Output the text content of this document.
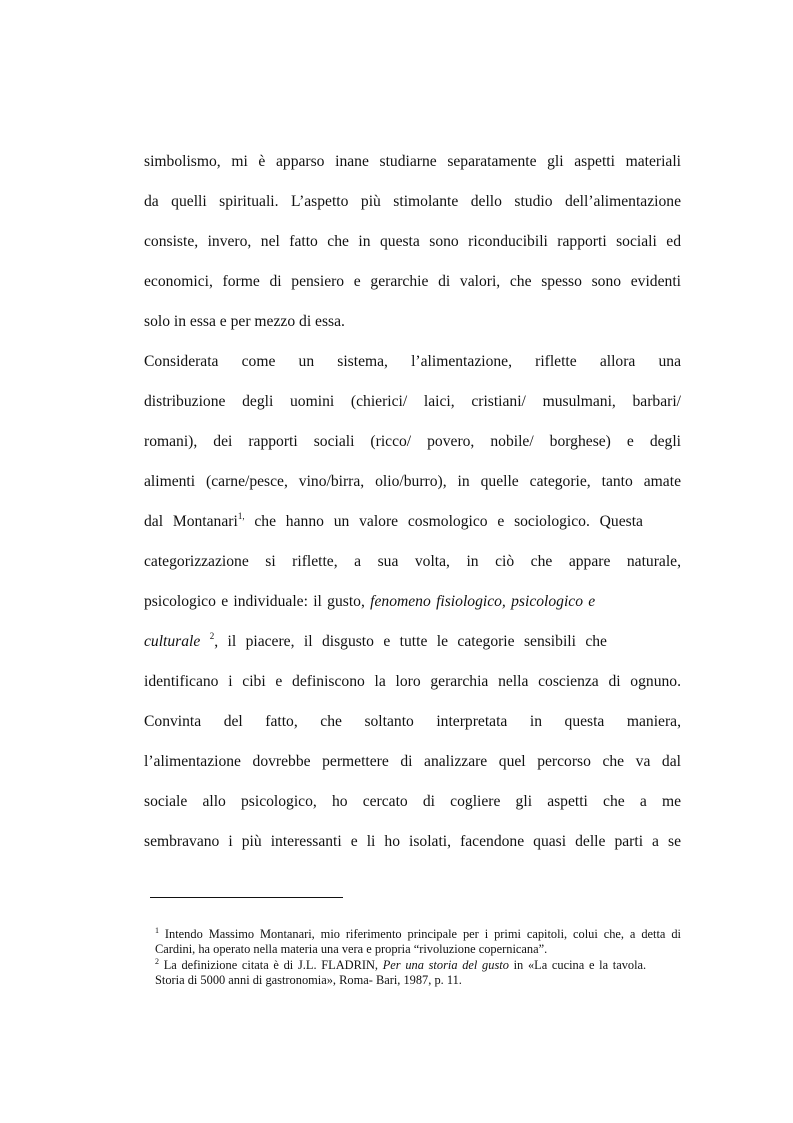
simbolismo, mi è apparso inane studiarne separatamente gli aspetti materiali
da quelli spirituali. L’aspetto più stimolante dello studio dell’alimentazione
consiste, invero, nel fatto che in questa sono riconducibili rapporti sociali ed
economici, forme di pensiero e gerarchie di valori, che spesso sono evidenti
solo in essa e per mezzo di essa.
Considerata come un sistema, l’alimentazione, riflette allora una
distribuzione degli uomini (chierici/ laici, cristiani/ musulmani, barbari/
romani), dei rapporti sociali (ricco/ povero, nobile/ borghese) e degli
alimenti (carne/pesce, vino/birra, olio/burro), in quelle categorie, tanto amate
dal Montanari$^{1,}$ che hanno un valore cosmologico e sociologico. Questa
categorizzazione si riflette, a sua volta, in ciò che appare naturale,
psicologico e individuale: il gusto, fenomeno fisiologico, psicologico e
culturale $^2$, il piacere, il disgusto e tutte le categorie sensibili che
identificano i cibi e definiscono la loro gerarchia nella coscienza di ognuno.
Convinta del fatto, che soltanto interpretata in questa maniera,
l’alimentazione dovrebbe permettere di analizzare quel percorso che va dal
sociale allo psicologico, ho cercato di cogliere gli aspetti che a me
sembravano i più interessanti e li ho isolati, facendone quasi delle parti a se
$^1$ Intendo Massimo Montanari, mio riferimento principale per i primi capitoli, colui che, a detta di
Cardini, ha operato nella materia una vera e propria “rivoluzione copernicana”.
$^2$ La definizione citata è di J.L. FLADRIN, Per una storia del gusto in «La cucina e la tavola.
Storia di 5000 anni di gastronomia», Roma- Bari, 1987, p. 11.
